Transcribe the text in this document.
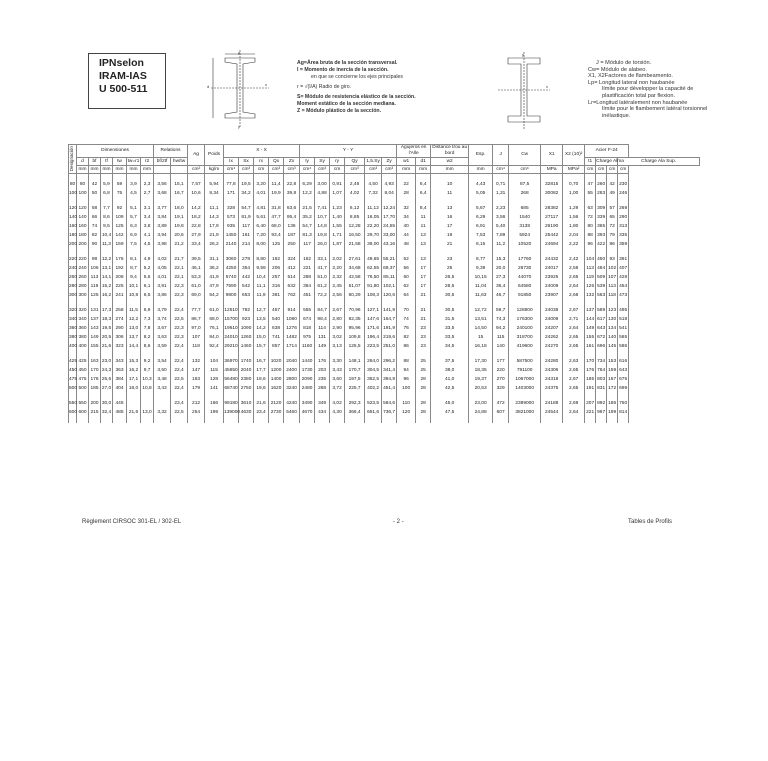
IPNselon
IRAM-IAS
U 500-511
y
x
d
y
Ag=Área bruta de la sección transversal.
I = Momento de inercia de la sección.
en que se concierne los ejes principales
r = √(I/A) Radio de giro.
S= Módulo de resistencia elástico de la sección.
Moment estático de la sección mediana.
Z = Módulo plástico de la sección.
y
x
J = Módulo de torsión.
Cw= Módulo de alabeo.
X1, X2Factores de flambeamento.
Lp= Longitud lateral non haubanée
límite pour développer la capacité de
plastificación total par flexion.
Lr=Longitud latéralement non haubanée
límite pour le flambement latéral torsionnel
inélastique.
Designación	Dimensiones						Relations		Ag	Poids	X - X					Y - Y						Agujeros en l'Alle		Distance trou au bord	Esp.	J	Cw	X1	X2 (10)²	Acier F-24			
	d	bf	tf	tw	tw=r1	r2	bf/2tf	hw/tw			Ix	Sx	rx	Qx	Zx	Iy	Sy	ry	Qy	1,5.Sy	Zy	w1	d1	w2						t1	Charge Alma		Charge Ala Sup.
	mm	mm	mm	mm	mm	mm			cm²	kg/m	cm⁴	cm³	cm	cm³	cm³	cm⁴	cm³	cm	cm³	cm³	cm³	mm	mm	mm	mm	cm⁴	cm⁶	MPa	MPa²	cm	cm	cm	cm

80	80	42	5,9	59	3,9	2,3	3,56	15,1	7,57	5,94	77,8	19,5	3,20	11,4	22,8	6,29	3,00	0,91	2,46	4,50	4,93	22	6,4	10	4,43	0,71	87,5	32815	0,70	47	260	42	230
100	100	50	6,8	75	4,5	2,7	3,68	16,7	10,6	8,34	171	34,2	4,01	19,9	39,8	12,2	4,88	1,07	4,02	7,32	8,04	28	6,4	11	5,05	1,31	268	30082	1,00	55	283	49	246

120	120	58	7,7	92	5,1	3,1	3,77	18,0	14,2	11,1	328	54,7	4,81	31,8	63,6	21,5	7,41	1,23	6,12	11,12	12,24	32	8,4	13	5,67	2,23	685	28382	1,29	63	309	57	269
140	140	66	8,6	109	5,7	3,4	3,84	19,1	18,2	14,3	573	81,9	5,61	47,7	95,4	35,2	10,7	1,40	8,85	16,05	17,70	34	11	16	6,29	3,56	1540	27117	1,56	72	339	65	290
160	160	74	9,5	125	6,3	3,8	3,89	19,8	22,8	17,9	935	117	6,40	68,0	136	54,7	14,8	1,55	12,28	22,20	24,55	40	11	17	6,91	5,40	3138	26190	1,80	80	365	72	313
180	180	82	10,4	142	6,9	4,1	3,94	20,6	27,9	21,9	1450	161	7,20	93,4	187	81,3	19,8	1,71	16,50	29,70	33,00	44	13	19	7,53	7,89	5924	25442	2,04	88	393	79	335
200	200	90	11,3	159	7,5	4,5	3,98	21,2	33,4	26,2	2140	214	8,00	125	250	117	26,0	1,87	21,58	39,00	43,16	48	13	21	8,15	11,2	10520	24694	2,22	96	422	86	359

220	220	98	12,2	176	8,1	4,9	4,02	21,7	39,5	31,1	3060	278	8,80	162	324	162	33,1	2,02	27,61	49,65	55,21	52	13	23	8,77	15,3	17760	24432	2,42	104	450	93	381
240	240	106	13,1	192	8,7	5,2	4,05	22,1	46,1	36,2	4250	354	9,59	206	412	221	41,7	2,20	34,68	62,55	69,37	56	17	25	9,39	20,0	28730	24017	2,58	113	484	102	407
260	260	113	14,1	208	9,4	5,6	4,01	22,1	53,3	41,9	5740	442	10,4	257	514	288	51,0	2,32	42,58	76,50	85,11	60	17	26,5	10,15	27,3	44070	23925	2,65	119	509	107	428
280	280	119	15,2	225	10,1	6,1	3,91	22,3	61,0	47,9	7590	542	11,1	316	632	364	61,2	2,45	51,07	91,80	102,1	62	17	28,5	11,04	36,4	64580	24009	2,64	126	539	113	454
300	300	125	16,2	241	10,8	6,5	3,86	22,3	69,0	54,2	9800	653	11,9	381	762	451	72,2	2,56	60,29	108,3	120,6	64	21	30,5	11,63	46,7	91850	23907	2,68	132	563	118	473

320	320	131	17,3	258	11,5	6,9	3,79	22,4	77,7	61,0	12510	782	12,7	457	914	555	84,7	2,67	70,96	127,1	141,9	70	21	30,5	12,72	59,7	128800	24038	2,67	137	589	123	495
340	340	137	18,3	274	12,2	7,3	3,74	22,5	86,7	68,0	15700	923	13,5	540	1080	674	98,4	2,80	82,35	147,6	164,7	74	21	31,5	13,51	74,3	176300	24009	2,71	144	617	130	518
360	360	143	19,5	290	13,0	7,8	3,67	22,3	97,0	76,1	19610	1090	14,2	638	1276	818	114	2,90	95,96	171,6	191,9	76	23	33,5	14,50	94,2	240100	24207	2,64	149	643	134	541
380	380	149	20,5	306	13,7	8,2	3,63	22,3	107	84,0	24010	1260	15,0	741	1482	975	131	3,02	109,8	196,4	219,6	82	23	33,5	15	115	318700	24262	2,65	155	672	140	565
400	400	155	21,6	323	14,4	8,6	3,59	22,4	118	92,4	29210	1460	15,7	857	1714	1160	149	3,13	125,5	223,5	251,0	86	23	34,5	16,18	140	419600	24270	2,65	161	696	145	586

425	425	163	23,0	343	15,3	9,2	3,54	22,4	132	104	36970	1740	16,7	1020	2040	1440	176	3,30	148,1	264,0	296,2	88	25	37,5	17,30	177	587500	24280	2,63	170	734	153	616
450	450	170	24,3	363	16,2	9,7	3,50	22,4	147	115	45850	2040	17,7	1200	2400	1730	203	3,43	170,7	304,5	341,4	94	25	38,0	18,35	220	791100	24306	2,65	176	764	159	643
475	475	178	25,6	384	17,1	10,3	3,48	22,5	163	128	56480	2380	18,6	1400	2800	2090	235	3,60	197,5	352,5	394,9	96	28	41,0	19,37	270	1067000	24318	2,67	185	803	167	675
500	500	185	27,0	404	18,0	10,8	3,43	22,4	179	141	68740	2750	19,6	1620	3240	2480	268	3,72	225,7	402,2	451,4	100	28	42,5	20,53	329	1403000	24375	2,65	191	831	172	699

550	550	200	30,0	445				23,4	212	166	99180	3610	21,6	2120	4240	3490	349	4,02	292,3	523,5	584,6	110	28	45,0	23,00	472	2389000	24188	2,69	207	892	186	750
600	600	215	32,4	485	21,6	13,0	3,32	22,5	254	199	139000	4630	23,4	2730	5460	4670	434	4,30	366,4	651,6	736,7	120	28	47,5	24,88	607	3821000	24544	2,64	221	967	199	814

Règlement CIRSOC 301-EL / 302-EL	- 2 -	Tables de Profils
